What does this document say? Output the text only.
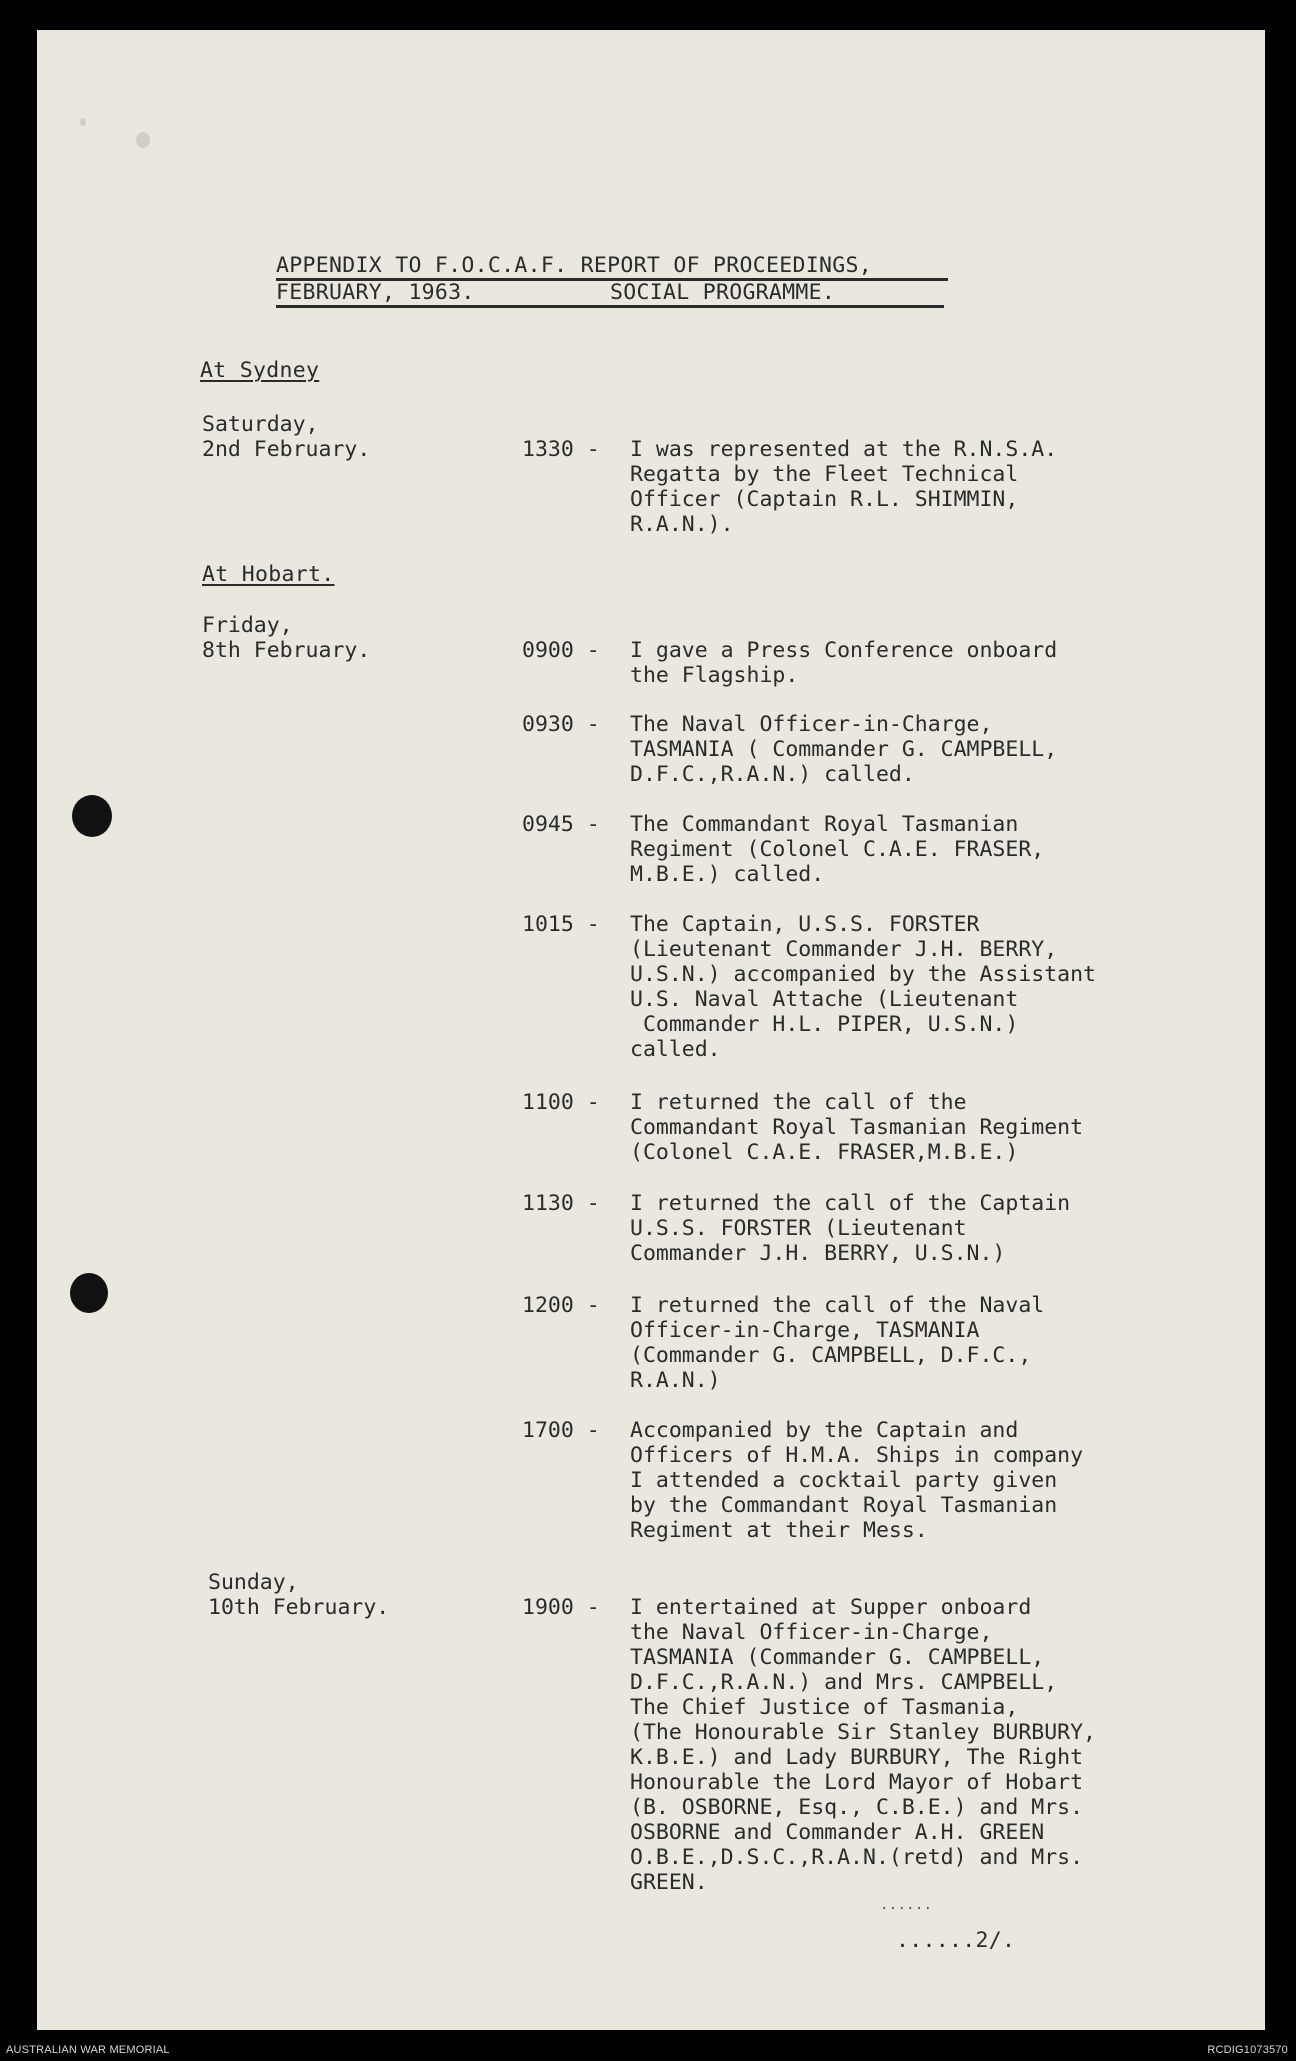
APPENDIX TO F.O.C.A.F. REPORT OF PROCEEDINGS,
FEBRUARY, 1963.	SOCIAL PROGRAMME.
At Sydney
Saturday,
2nd February.	1330 - I was represented at the R.N.S.A.
Regatta by the Fleet Technical
Officer (Captain R.L. SHIMMIN,
R.A.N.).
At Hobart.
Friday,
8th February.	0900 - I gave a Press Conference onboard
the Flagship.
0930 - The Naval Officer-in-Charge,
TASMANIA ( Commander G. CAMPBELL,
D.F.C.,R.A.N.) called.
0945 - The Commandant Royal Tasmanian
Regiment (Colonel C.A.E. FRASER,
M.B.E.) called.
1015 - The Captain, U.S.S. FORSTER
(Lieutenant Commander J.H. BERRY,
U.S.N.) accompanied by the Assistant
U.S. Naval Attache (Lieutenant
Commander H.L. PIPER, U.S.N.)
called.
1100 - I returned the call of the
Commandant Royal Tasmanian Regiment
(Colonel C.A.E. FRASER,M.B.E.)
1130 - I returned the call of the Captain
U.S.S. FORSTER (Lieutenant
Commander J.H. BERRY, U.S.N.)
1200 - I returned the call of the Naval
Officer-in-Charge, TASMANIA
(Commander G. CAMPBELL, D.F.C.,
R.A.N.)
1700 - Accompanied by the Captain and
Officers of H.M.A. Ships in company
I attended a cocktail party given
by the Commandant Royal Tasmanian
Regiment at their Mess.
Sunday,
10th February.	1900 - I entertained at Supper onboard
the Naval Officer-in-Charge,
TASMANIA (Commander G. CAMPBELL,
D.F.C.,R.A.N.) and Mrs. CAMPBELL,
The Chief Justice of Tasmania,
(The Honourable Sir Stanley BURBURY,
K.B.E.) and Lady BURBURY, The Right
Honourable the Lord Mayor of Hobart
(B. OSBORNE, Esq., C.B.E.) and Mrs.
OSBORNE and Commander A.H. GREEN
O.B.E.,D.S.C.,R.A.N.(retd) and Mrs.
GREEN.
......
......2/.
AUSTRALIAN WAR MEMORIAL	RCDIG1073570
